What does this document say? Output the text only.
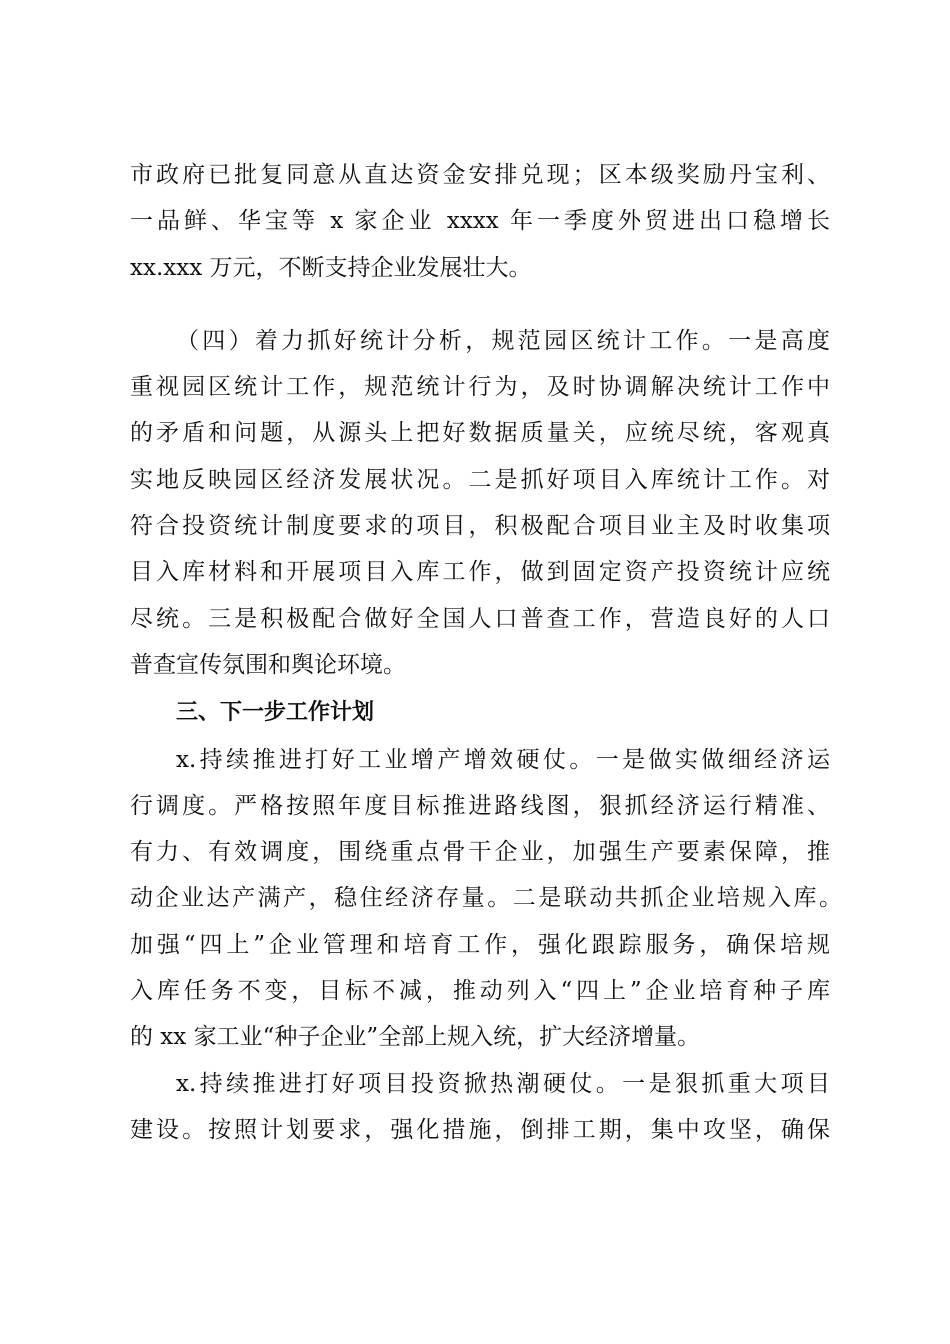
市政府已批复同意从直达资金安排兑现；区本级奖励丹宝利、
一品鲜、华宝等 x 家企业 xxxx 年一季度外贸进出口稳增长
xx.xxx 万元，不断支持企业发展壮大。
（四）着力抓好统计分析，规范园区统计工作。一是高度
重视园区统计工作，规范统计行为，及时协调解决统计工作中
的矛盾和问题，从源头上把好数据质量关，应统尽统，客观真
实地反映园区经济发展状况。二是抓好项目入库统计工作。对
符合投资统计制度要求的项目，积极配合项目业主及时收集项
目入库材料和开展项目入库工作，做到固定资产投资统计应统
尽统。三是积极配合做好全国人口普查工作，营造良好的人口
普查宣传氛围和舆论环境。
三、下一步工作计划
x.持续推进打好工业增产增效硬仗。一是做实做细经济运
行调度。严格按照年度目标推进路线图，狠抓经济运行精准、
有力、有效调度，围绕重点骨干企业，加强生产要素保障，推
动企业达产满产，稳住经济存量。二是联动共抓企业培规入库。
加强“四上”企业管理和培育工作，强化跟踪服务，确保培规
入库任务不变，目标不减，推动列入“四上”企业培育种子库
的 xx 家工业“种子企业”全部上规入统，扩大经济增量。
x.持续推进打好项目投资掀热潮硬仗。一是狠抓重大项目
建设。按照计划要求，强化措施，倒排工期，集中攻坚，确保
